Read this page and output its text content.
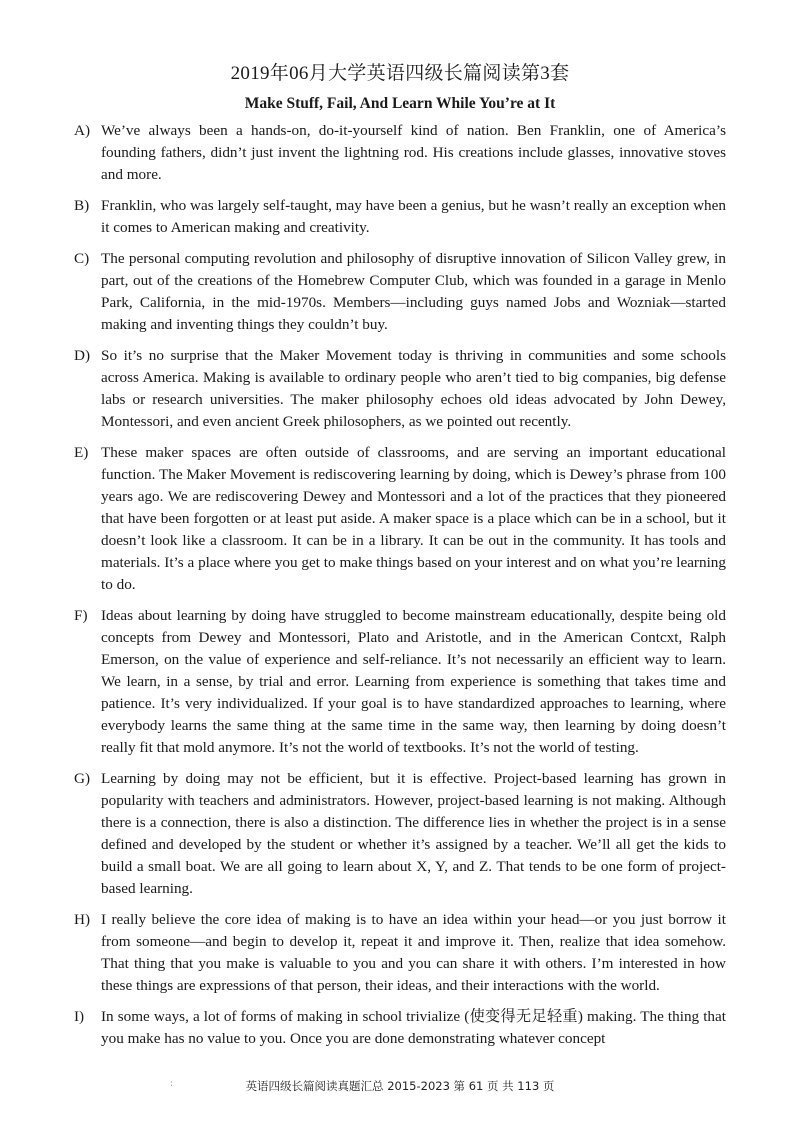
2019年06月大学英语四级长篇阅读第3套
Make Stuff, Fail, And Learn While You’re at It
A) We’ve always been a hands-on, do-it-yourself kind of nation. Ben Franklin, one of America’s founding fathers, didn’t just invent the lightning rod. His creations include glasses, innovative stoves and more.
B) Franklin, who was largely self-taught, may have been a genius, but he wasn’t really an exception when it comes to American making and creativity.
C) The personal computing revolution and philosophy of disruptive innovation of Silicon Valley grew, in part, out of the creations of the Homebrew Computer Club, which was founded in a garage in Menlo Park, California, in the mid-1970s. Members—including guys named Jobs and Wozniak—started making and inventing things they couldn’t buy.
D) So it’s no surprise that the Maker Movement today is thriving in communities and some schools across America. Making is available to ordinary people who aren’t tied to big companies, big defense labs or research universities. The maker philosophy echoes old ideas advocated by John Dewey, Montessori, and even ancient Greek philosophers, as we pointed out recently.
E) These maker spaces are often outside of classrooms, and are serving an important educational function. The Maker Movement is rediscovering learning by doing, which is Dewey’s phrase from 100 years ago. We are rediscovering Dewey and Montessori and a lot of the practices that they pioneered that have been forgotten or at least put aside. A maker space is a place which can be in a school, but it doesn’t look like a classroom. It can be in a library. It can be out in the community. It has tools and materials. It’s a place where you get to make things based on your interest and on what you’re learning to do.
F) Ideas about learning by doing have struggled to become mainstream educationally, despite being old concepts from Dewey and Montessori, Plato and Aristotle, and in the American Contcxt, Ralph Emerson, on the value of experience and self-reliance. It’s not necessarily an efficient way to learn. We learn, in a sense, by trial and error. Learning from experience is something that takes time and patience. It’s very individualized. If your goal is to have standardized approaches to learning, where everybody learns the same thing at the same time in the same way, then learning by doing doesn’t really fit that mold anymore. It’s not the world of textbooks. It’s not the world of testing.
G) Learning by doing may not be efficient, but it is effective. Project-based learning has grown in popularity with teachers and administrators. However, project-based learning is not making. Although there is a connection, there is also a distinction. The difference lies in whether the project is in a sense defined and developed by the student or whether it’s assigned by a teacher. We’ll all get the kids to build a small boat. We are all going to learn about X, Y, and Z. That tends to be one form of project-based learning.
H) I really believe the core idea of making is to have an idea within your head—or you just borrow it from someone—and begin to develop it, repeat it and improve it. Then, realize that idea somehow. That thing that you make is valuable to you and you can share it with others. I’m interested in how these things are expressions of that person, their ideas, and their interactions with the world.
I) In some ways, a lot of forms of making in school trivialize (使变得无足轻重) making. The thing that you make has no value to you. Once you are done demonstrating whatever concept
:	英语四级长篇阅读真题汇总 2015-2023 第 61 页 共 113 页
